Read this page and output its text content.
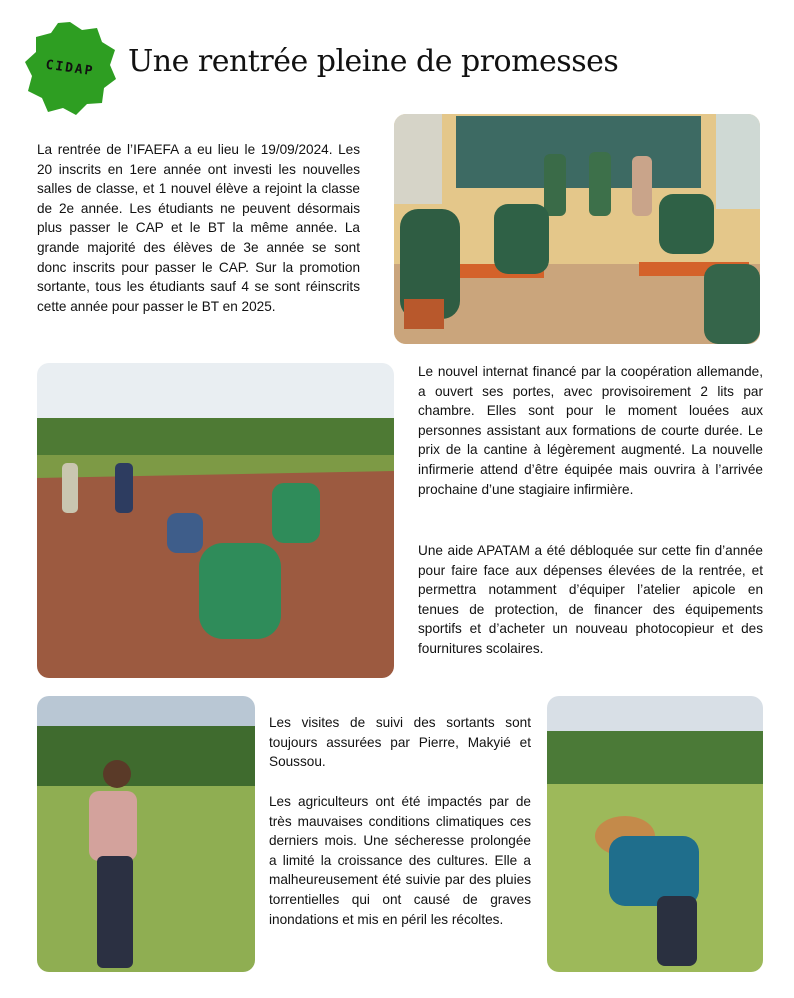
CIDAP	Une rentrée pleine de promesses

La rentrée de l’IFAEFA a eu lieu le 19/09/2024. Les 20 inscrits en 1ere année ont investi les nouvelles salles de classe, et 1 nouvel élève a rejoint la classe de 2e année. Les étudiants ne peuvent désormais plus passer le CAP et le BT la même année. La grande majorité des élèves de 3e année se sont donc inscrits pour passer le CAP. Sur la promotion sortante, tous les étudiants sauf 4 se sont réinscrits cette année pour passer le BT en 2025.

Le nouvel internat financé par la coopération allemande, a ouvert ses portes, avec provisoirement 2 lits par chambre. Elles sont pour le moment louées aux personnes assistant aux formations de courte durée. Le prix de la cantine à légèrement augmenté. La nouvelle infirmerie attend d’être équipée mais ouvrira à l’arrivée prochaine d’une stagiaire infirmière.

Une aide APATAM a été débloquée sur cette fin d’année pour faire face aux dépenses élevées de la rentrée, et permettra notamment d’équiper l’atelier apicole en tenues de protection, de financer des équipements sportifs et d’acheter un nouveau photocopieur et des fournitures scolaires.

Les visites de suivi des sortants sont toujours assurées par Pierre, Makyié et Soussou.

Les agriculteurs ont été impactés par de très mauvaises conditions climatiques ces derniers mois. Une sécheresse prolongée a limité la croissance des cultures. Elle a malheureusement été suivie par des pluies torrentielles qui ont causé de graves inondations et mis en péril les récoltes.
